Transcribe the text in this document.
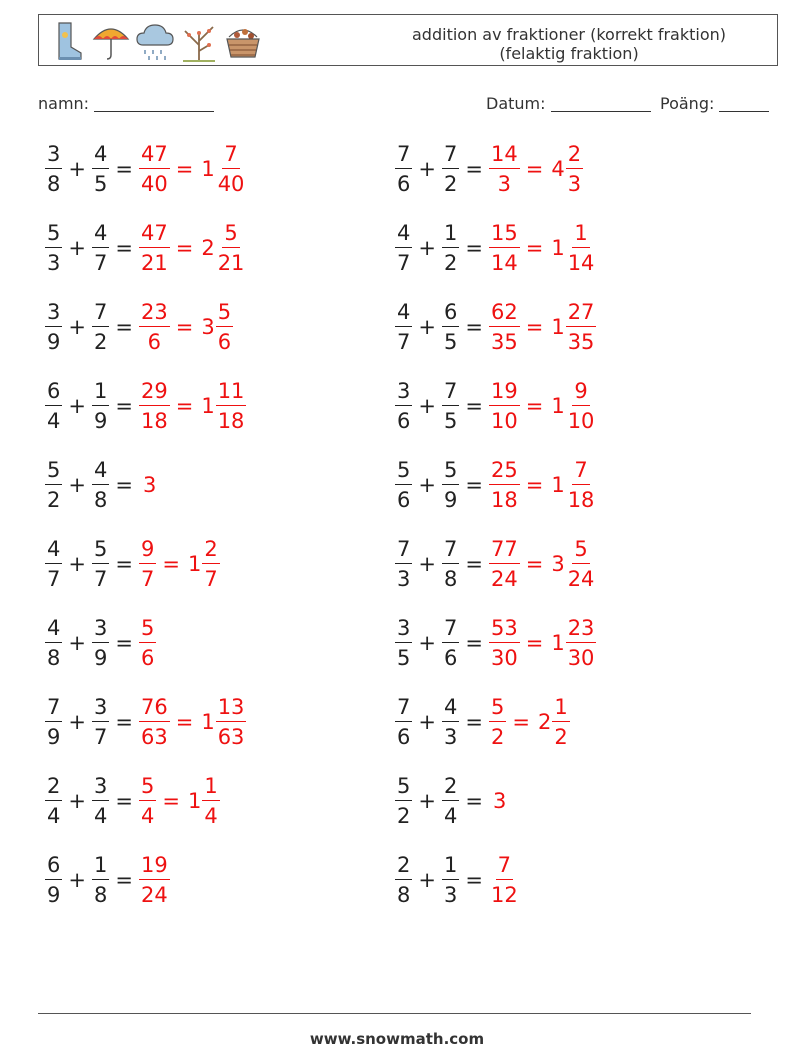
addition av fraktioner (korrekt fraktion)
(felaktig fraktion)
namn:	Datum:	Poäng:
$\frac{3}{8} + \frac{4}{5} = \frac{47}{40} = 1 \frac{7}{40}$
$\frac{5}{3} + \frac{4}{7} = \frac{47}{21} = 2 \frac{5}{21}$
$\frac{3}{9} + \frac{7}{2} = \frac{23}{6} = 3 \frac{5}{6}$
$\frac{6}{4} + \frac{1}{9} = \frac{29}{18} = 1 \frac{11}{18}$
$\frac{5}{2} + \frac{4}{8} = 3$
$\frac{4}{7} + \frac{5}{7} = \frac{9}{7} = 1 \frac{2}{7}$
$\frac{4}{8} + \frac{3}{9} = \frac{5}{6}$
$\frac{7}{9} + \frac{3}{7} = \frac{76}{63} = 1 \frac{13}{63}$
$\frac{2}{4} + \frac{3}{4} = \frac{5}{4} = 1 \frac{1}{4}$
$\frac{6}{9} + \frac{1}{8} = \frac{19}{24}$
$\frac{7}{6} + \frac{7}{2} = \frac{14}{3} = 4 \frac{2}{3}$
$\frac{4}{7} + \frac{1}{2} = \frac{15}{14} = 1 \frac{1}{14}$
$\frac{4}{7} + \frac{6}{5} = \frac{62}{35} = 1 \frac{27}{35}$
$\frac{3}{6} + \frac{7}{5} = \frac{19}{10} = 1 \frac{9}{10}$
$\frac{5}{6} + \frac{5}{9} = \frac{25}{18} = 1 \frac{7}{18}$
$\frac{7}{3} + \frac{7}{8} = \frac{77}{24} = 3 \frac{5}{24}$
$\frac{3}{5} + \frac{7}{6} = \frac{53}{30} = 1 \frac{23}{30}$
$\frac{7}{6} + \frac{4}{3} = \frac{5}{2} = 2 \frac{1}{2}$
$\frac{5}{2} + \frac{2}{4} = 3$
$\frac{2}{8} + \frac{1}{3} = \frac{7}{12}$
www.snowmath.com
